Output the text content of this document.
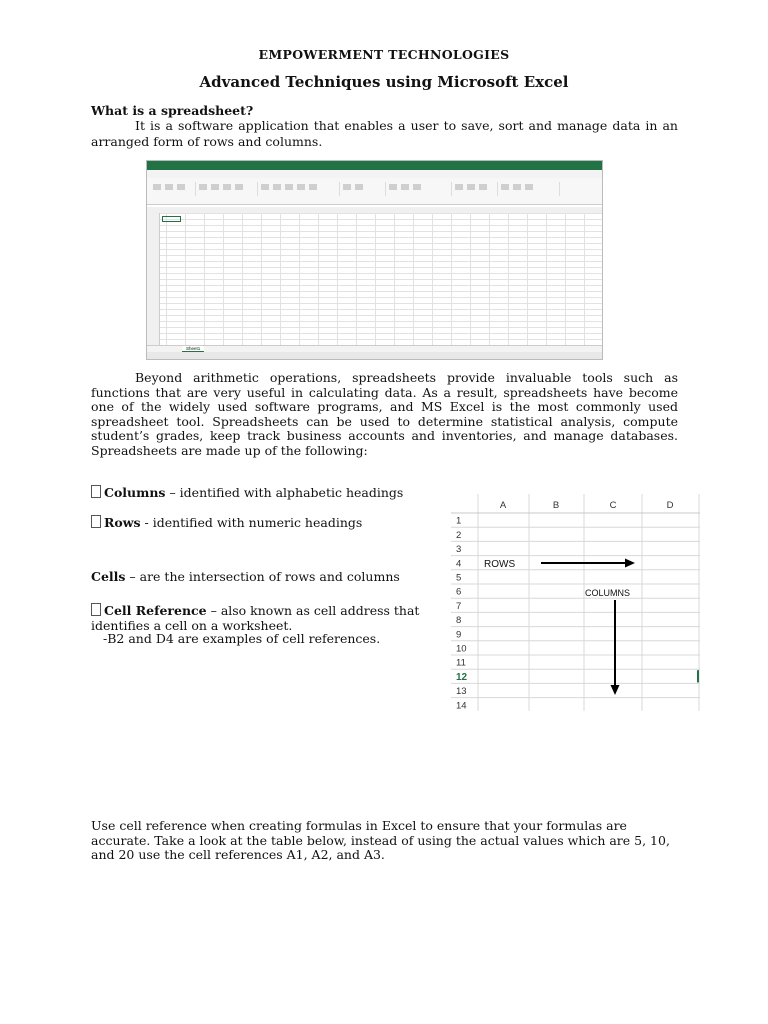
EMPOWERMENT TECHNOLOGIES
Advanced Techniques using Microsoft Excel
What is a spreadsheet?
It is a software application that enables a user to save, sort and manage data in an arranged form of rows and columns.
Sheet1
Beyond arithmetic operations, spreadsheets provide invaluable tools such as functions that are very useful in calculating data. As a result, spreadsheets have become one of the widely used software programs, and MS Excel is the most commonly used spreadsheet tool. Spreadsheets can be used to determine statistical analysis, compute student’s grades, keep track business accounts and inventories, and manage databases. Spreadsheets are made up of the following:
Columns – identified with alphabetic headings
Rows - identified with numeric headings
Cells – are the intersection of rows and columns
Cell Reference – also known as cell address that identifies a cell on a worksheet.
-B2 and D4 are examples of cell references.
1
2
3
4
5
6
7
8
9
10
11
12
13
14
A	B	C	D
ROWS
COLUMNS
Use cell reference when creating formulas in Excel to ensure that your formulas are accurate. Take a look at the table below, instead of using the actual values which are 5, 10, and 20 use the cell references A1, A2, and A3.
